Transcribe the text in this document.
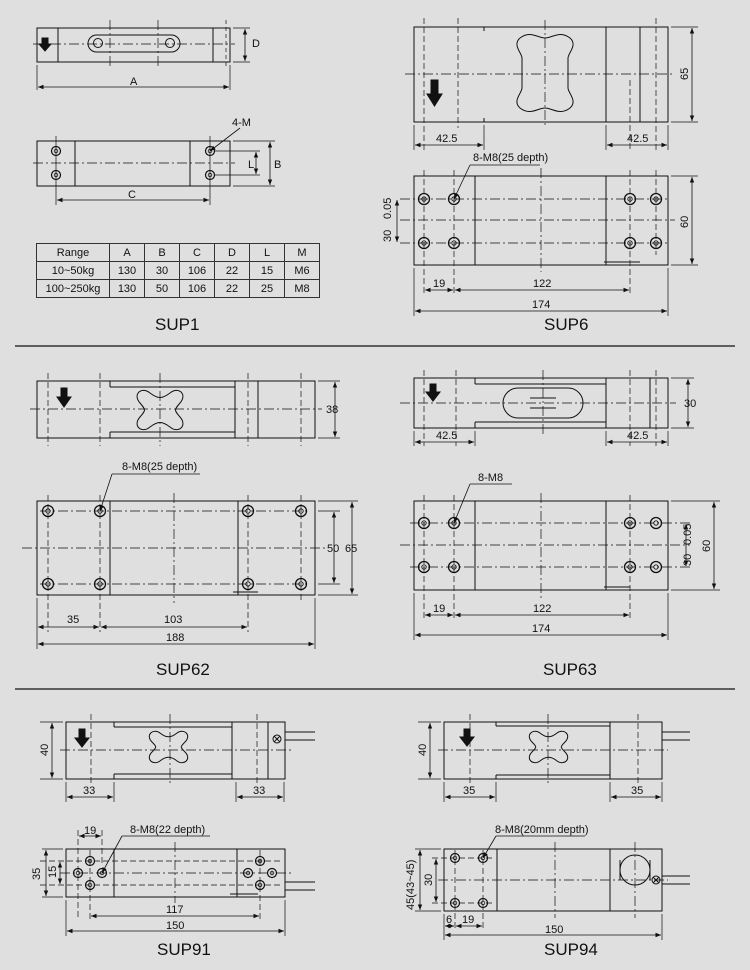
D
A
4-M
L B
C
SUP1
65
42.5	42.5
8-M8(25 depth)
30
0.05
60
19	122
174
SUP6
38
8-M8(25 depth)
50 65
35	103
188
SUP62
30
42.5	42.5
8-M8
0.05
30
60
19	122
174
SUP63
40
33	33
19	8-M8(22 depth)
35 15
117
150
SUP91
40
35	35
8-M8(20mm depth)
45(43~45) 30
6 19
150
SUP94
Range	A	B	C	D	L	M
10~50kg	130	30	106	22	15	M6
100~250kg	130	50	106	22	25	M8
